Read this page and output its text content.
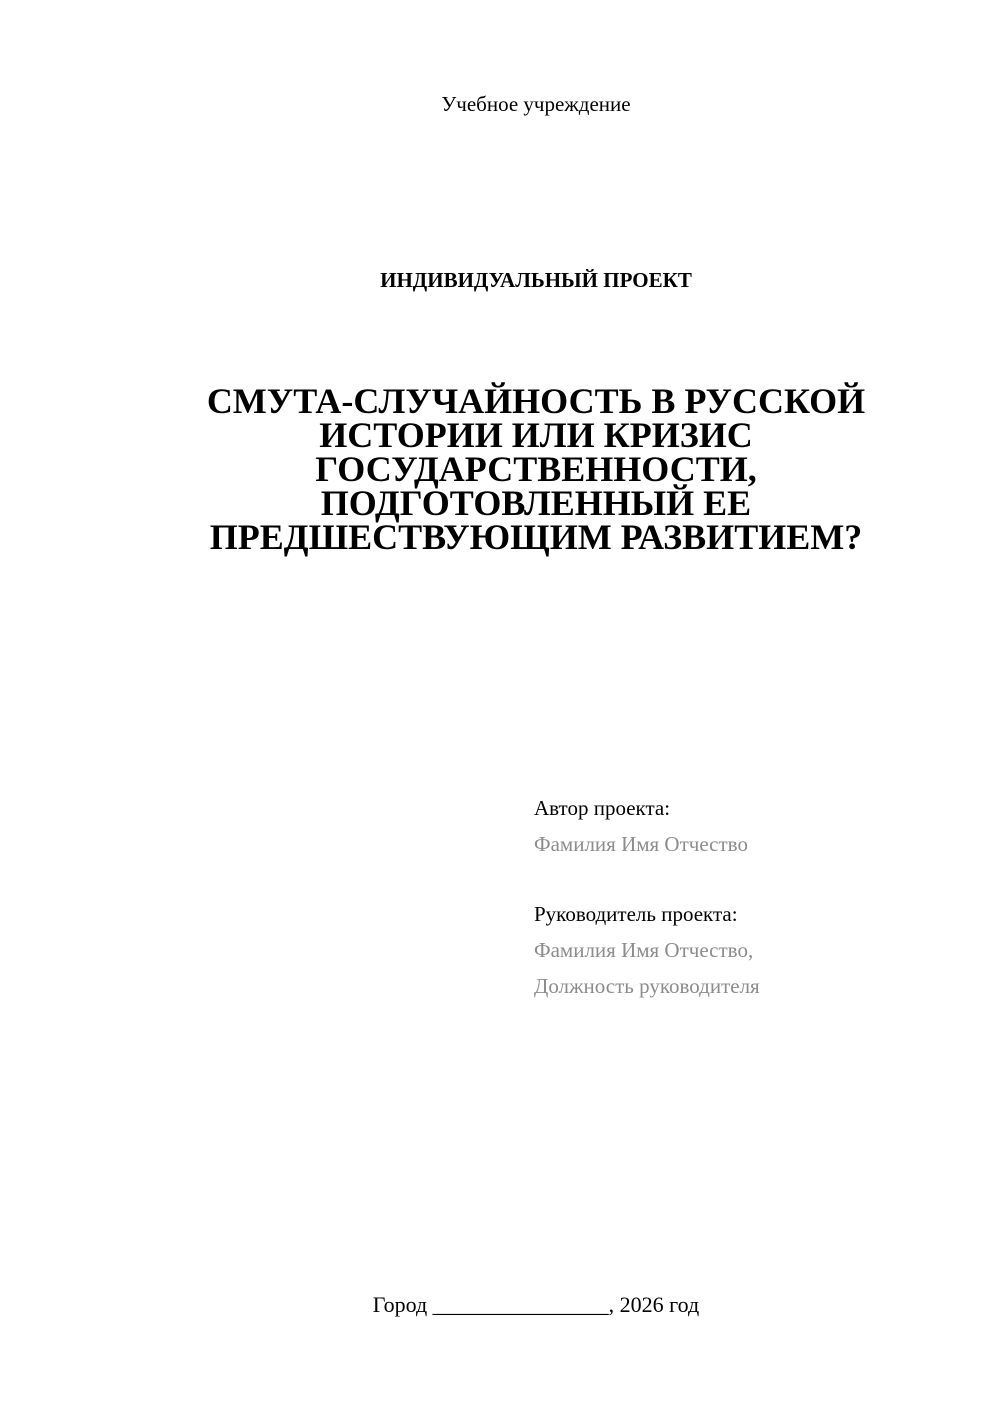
Учебное учреждение
ИНДИВИДУАЛЬНЫЙ ПРОЕКТ
СМУТА-СЛУЧАЙНОСТЬ В РУССКОЙ
ИСТОРИИ ИЛИ КРИЗИС
ГОСУДАРСТВЕННОСТИ,
ПОДГОТОВЛЕННЫЙ ЕЕ
ПРЕДШЕСТВУЮЩИМ РАЗВИТИЕМ?
Автор проекта:
Фамилия Имя Отчество
Руководитель проекта:
Фамилия Имя Отчество,
Должность руководителя
Город ________________, 2026 год
